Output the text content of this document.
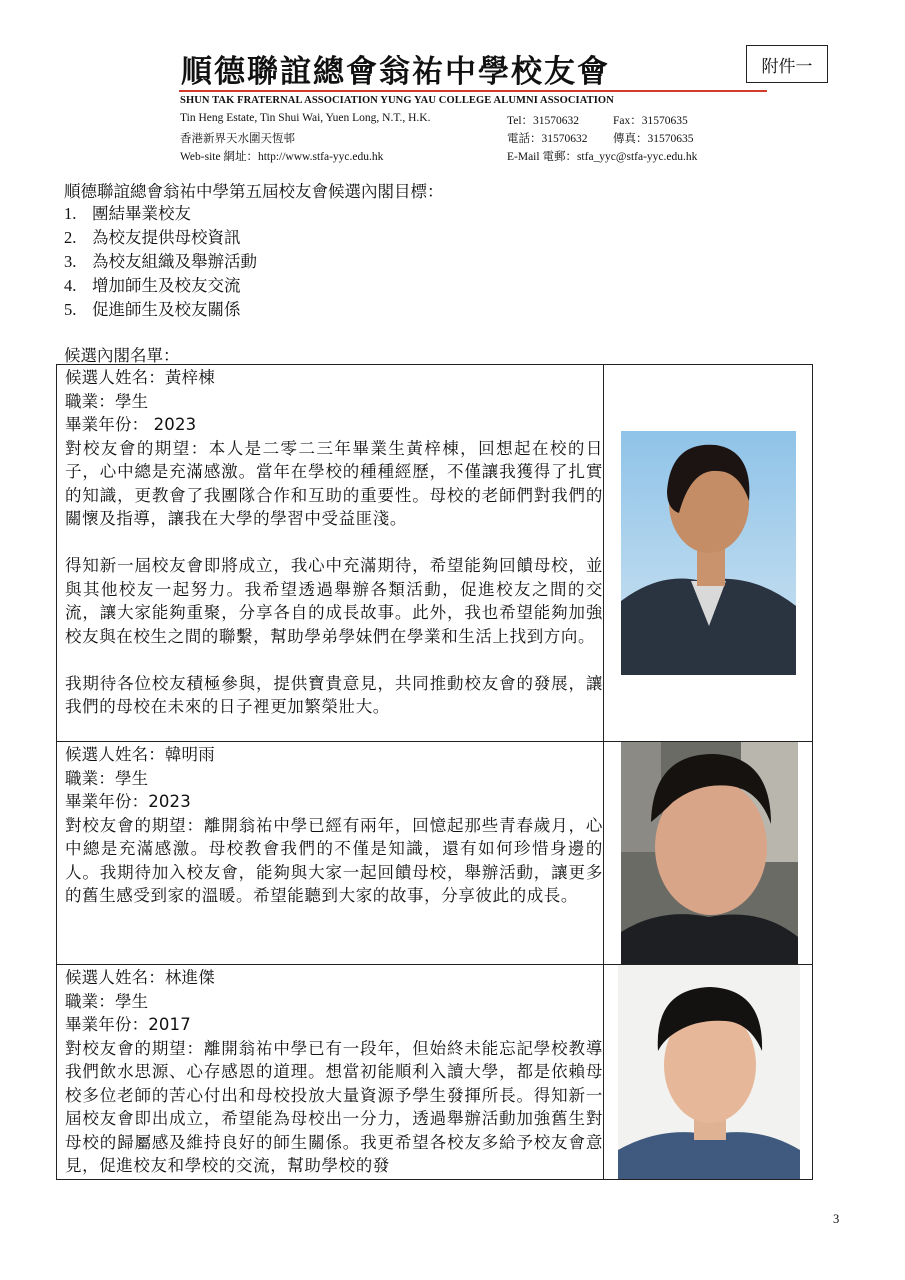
順德聯誼總會翁祐中學校友會
SHUN TAK FRATERNAL ASSOCIATION YUNG YAU COLLEGE ALUMNI ASSOCIATION
Tin Heng Estate, Tin Shui Wai, Yuen Long, N.T., H.K.	Tel：31570632	Fax：31570635
香港新界天水圍天恆邨	電話：31570632 傳真：31570635
Web-site 網址：http://www.stfa-yyc.edu.hk	E-Mail 電郵：stfa_yyc@stfa-yyc.edu.hk
附件一
順德聯誼總會翁祐中學第五屆校友會候選內閣目標：
1. 團結畢業校友
2. 為校友提供母校資訊
3. 為校友組織及舉辦活動
4. 增加師生及校友交流
5. 促進師生及校友關係
候選內閣名單：
候選人姓名：黃梓棟
職業：學生
畢業年份： 2023
對校友會的期望：本人是二零二三年畢業生黃梓棟，回想起在校的日子，心中總是充滿感激。當年在學校的種種經歷，不僅讓我獲得了扎實的知識，更教會了我團隊合作和互助的重要性。母校的老師們對我們的關懷及指導，讓我在大學的學習中受益匪淺。
得知新一屆校友會即將成立，我心中充滿期待，希望能夠回饋母校，並與其他校友一起努力。我希望透過舉辦各類活動，促進校友之間的交流，讓大家能夠重聚，分享各自的成長故事。此外，我也希望能夠加強校友與在校生之間的聯繫，幫助學弟學妹們在學業和生活上找到方向。
我期待各位校友積極參與，提供寶貴意見，共同推動校友會的發展，讓我們的母校在未來的日子裡更加繁榮壯大。
候選人姓名：韓明雨
職業：學生
畢業年份：2023
對校友會的期望：離開翁祐中學已經有兩年，回憶起那些青春歲月，心中總是充滿感激。母校教會我們的不僅是知識，還有如何珍惜身邊的人。我期待加入校友會，能夠與大家一起回饋母校，舉辦活動，讓更多的舊生感受到家的溫暖。希望能聽到大家的故事，分享彼此的成長。
候選人姓名：林進傑
職業：學生
畢業年份：2017
對校友會的期望：離開翁祐中學已有一段年，但始終未能忘記學校教導我們飲水思源、心存感恩的道理。想當初能順利入讀大學，都是依賴母校多位老師的苦心付出和母校投放大量資源予學生發揮所長。得知新一屆校友會即出成立，希望能為母校出一分力，透過舉辦活動加強舊生對母校的歸屬感及維持良好的師生關係。我更希望各校友多給予校友會意見，促進校友和學校的交流，幫助學校的發
3
